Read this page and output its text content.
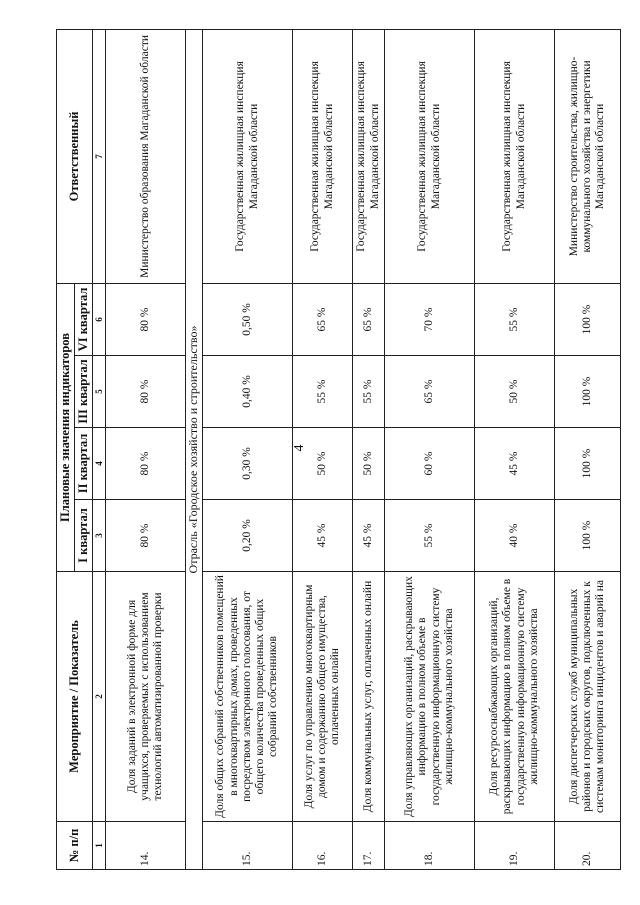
4
№ п/п	Мероприятие / Показатель	Плановые значения индикаторов				Ответственный
		I квартал	II квартал	III квартал	VI квартал	
1	2	3	4	5	6	7
14.	Доля заданий в электронной форме для учащихся, проверяемых с использованием технологий автоматизированной проверки	80 %	80 %	80 %	80 %	Министерство образования Магаданской области
Отрасль «Городское хозяйство и строительство»						
15.	Доля общих собраний собственников помещений в многоквартирных домах, проведенных посредством электронного голосования, от общего количества проведенных общих собраний собственников	0,20 %	0,30 %	0,40 %	0,50 %	Государственная жилищная инспекция Магаданской области
16.	Доля услуг по управлению многоквартирным домом и содержанию общего имущества, оплаченных онлайн	45 %	50 %	55 %	65 %	Государственная жилищная инспекция Магаданской области
17.	Доля коммунальных услуг, оплаченных онлайн	45 %	50 %	55 %	65 %	Государственная жилищная инспекция Магаданской области
18.	Доля управляющих организаций, раскрывающих информацию в полном объеме в государственную информационную систему жилищно-коммунального хозяйства	55 %	60 %	65 %	70 %	Государственная жилищная инспекция Магаданской области
19.	Доля ресурсоснабжающих организаций, раскрывающих информацию в полном объеме в государственную информационную систему жилищно-коммунального хозяйства	40 %	45 %	50 %	55 %	Государственная жилищная инспекция Магаданской области
20.	Доля диспетчерских служб муниципальных районов и городских округов, подключенных к системам мониторинга инцидентов и аварий на	100 %	100 %	100 %	100 %	Министерство строительства, жилищно-коммунального хозяйства и энергетики Магаданской области
